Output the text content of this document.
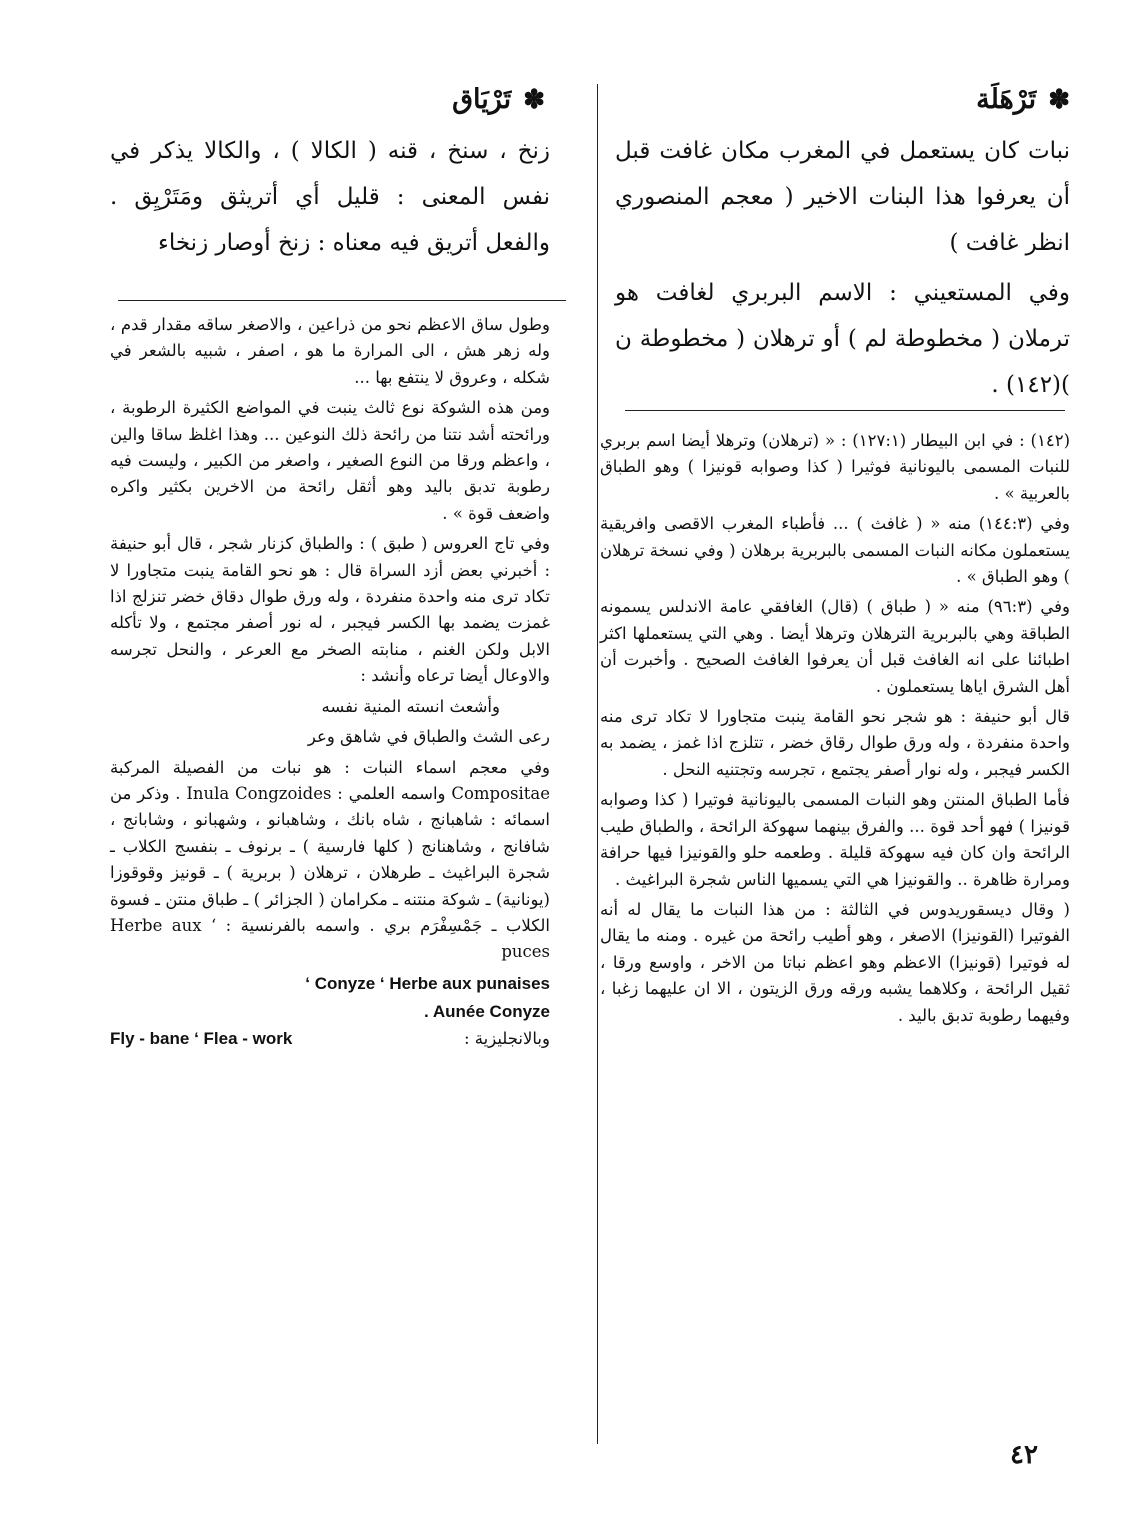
✽
تَرْهَلَة

نبات كان يستعمل في المغرب مكان غافت قبل أن يعرفوا هذا البنات الاخير ( معجم المنصوري انظر غافت )

وفي المستعيني : الاسم البربري لغافت هو ترملان ( مخطوطة لم ) أو ترهلان ( مخطوطة ن )(١٤٢) .

(١٤٢) : في ابن البيطار (١٢٧:١) : « (ترهلان) وترهلا أيضا اسم بربري للنبات المسمى باليونانية فوثيرا ( كذا وصوابه قونيزا ) وهو الطباق بالعربية » .

وفي (١٤٤:٣) منه « ( غافث ) ... فأطباء المغرب الاقصى وافريقية يستعملون مكانه النبات المسمى بالبربرية برهلان ( وفي نسخة ترهلان ) وهو الطباق » .

وفي (٩٦:٣) منه « ( طباق ) (قال) الغافقي عامة الاندلس يسمونه الطباقة وهي بالبربرية الترهلان وترهلا أيضا . وهي التي يستعملها اكثر اطبائنا على انه الغافث قبل أن يعرفوا الغافث الصحيح . وأخبرت أن أهل الشرق اياها يستعملون .

قال أبو حنيفة : هو شجر نحو القامة ينبت متجاورا لا تكاد ترى منه واحدة منفردة ، وله ورق طوال رقاق خضر ، تتلزج اذا غمز ، يضمد به الكسر فيجبر ، وله نوار أصفر يجتمع ، تجرسه وتجتنيه النحل .

فأما الطباق المنتن وهو النبات المسمى باليونانية فوتيرا ( كذا وصوابه قونيزا ) فهو أحد قوة ... والفرق بينهما سهوكة الرائحة ، والطباق طيب الرائحة وان كان فيه سهوكة قليلة . وطعمه حلو والقونيزا فيها حرافة ومرارة ظاهرة .. والقونيزا هي التي يسميها الناس شجرة البراغيث .

( وقال ديسقوريدوس في الثالثة : من هذا النبات ما يقال له أنه الفوتيرا (القونيزا) الاصغر ، وهو أطيب رائحة من غيره . ومنه ما يقال له فوتيرا (قونيزا) الاعظم وهو اعظم نباتا من الاخر ، واوسع ورقا ، ثقيل الرائحة ، وكلاهما يشبه ورقه ورق الزيتون ، الا ان عليهما زغبا ، وفيهما رطوبة تدبق باليد .

✽
تَرْيَاق

زنخ ، سنخ ، قنه ( الكالا ) ، والكالا يذكر في نفس المعنى : قليل أي أتريثق ومَتَرْيِق . والفعل أتريق فيه معناه : زنخ أوصار زنخاء

وطول ساق الاعظم نحو من ذراعين ، والاصغر ساقه مقدار قدم ، وله زهر هش ، الى المرارة ما هو ، اصفر ، شبيه بالشعر في شكله ، وعروق لا ينتفع بها ...

ومن هذه الشوكة نوع ثالث ينبت في المواضع الكثيرة الرطوبة ، ورائحته أشد نتنا من رائحة ذلك النوعين ... وهذا اغلظ ساقا والين ، واعظم ورقا من النوع الصغير ، واصغر من الكبير ، وليست فيه رطوبة تدبق باليد وهو أثقل رائحة من الاخرين بكثير واكره واضعف قوة » .

وفي تاج العروس ( طبق ) : والطباق كزنار شجر ، قال أبو حنيفة : أخبرني بعض أزد السراة قال : هو نحو القامة ينبت متجاورا لا تكاد ترى منه واحدة منفردة ، وله ورق طوال دقاق خضر تنزلج اذا غمزت يضمد بها الكسر فيجبر ، له نور أصفر مجتمع ، ولا تأكله الابل ولكن الغنم ، منابته الصخر مع العرعر ، والنحل تجرسه والاوعال أيضا ترعاه وأنشد :

وأشعث انسته المنية نفسه

رعى الشث والطباق في شاهق وعر

وفي معجم اسماء النبات : هو نبات من الفصيلة المركبة Compositae واسمه العلمي : Inula Congzoides . وذكر من اسمائه : شاهبانج ، شاه بانك ، وشاهبانو ، وشهبانو ، وشابانج ، شافانج ، وشاهنانج ( كلها فارسية ) ـ برنوف ـ بنفسج الكلاب ـ شجرة البراغيث ـ طرهلان ، ترهلان ( بربرية ) ـ قونيز وقوقوزا (يونانية) ـ شوكة منتنه ـ مكرامان ( الجزائر ) ـ طباق منتن ـ فسوة الكلاب ـ جَمْسِفْرَم بري . واسمه بالفرنسية : ‘ Herbe aux puces

‘ Conyze ‘ Herbe aux punaises
. Aunée Conyze
وبالانجليزية :
Fly - bane ‘ Flea - work
٤٢
